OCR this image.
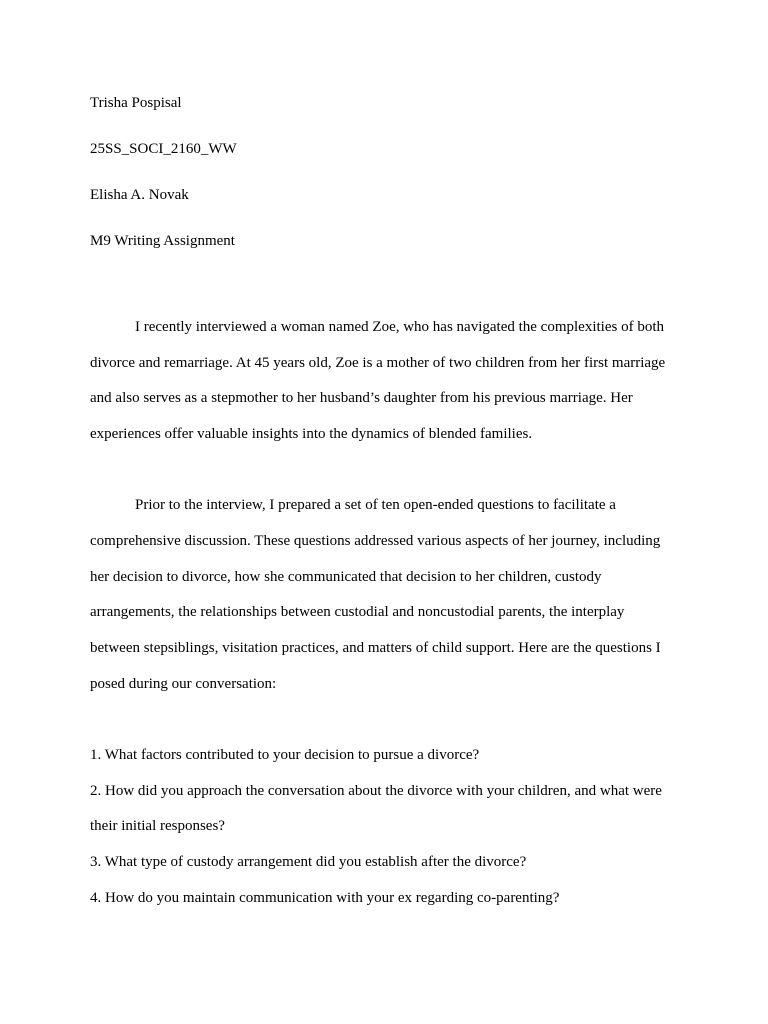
Trisha Pospisal
25SS_SOCI_2160_WW
Elisha A. Novak
M9 Writing Assignment
I recently interviewed a woman named Zoe, who has navigated the complexities of both
divorce and remarriage. At 45 years old, Zoe is a mother of two children from her first marriage
and also serves as a stepmother to her husband’s daughter from his previous marriage. Her
experiences offer valuable insights into the dynamics of blended families.
Prior to the interview, I prepared a set of ten open-ended questions to facilitate a
comprehensive discussion. These questions addressed various aspects of her journey, including
her decision to divorce, how she communicated that decision to her children, custody
arrangements, the relationships between custodial and noncustodial parents, the interplay
between stepsiblings, visitation practices, and matters of child support. Here are the questions I
posed during our conversation:
1. What factors contributed to your decision to pursue a divorce?
2. How did you approach the conversation about the divorce with your children, and what were
their initial responses?
3. What type of custody arrangement did you establish after the divorce?
4. How do you maintain communication with your ex regarding co-parenting?
